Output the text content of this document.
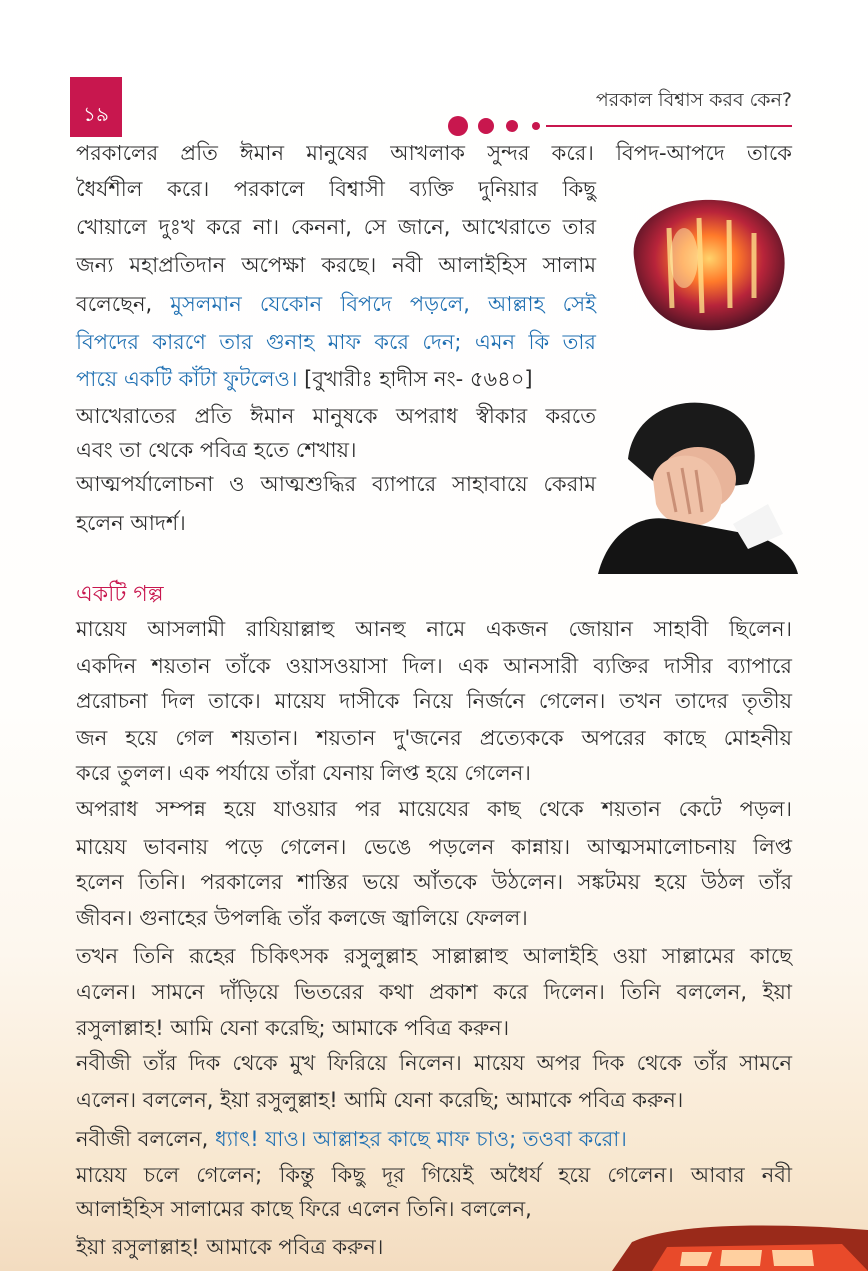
১৯
পরকাল বিশ্বাস করব কেন?
পরকালের প্রতি ঈমান মানুষের আখলাক সুন্দর করে। বিপদ-আপদে তাকে
ধৈর্যশীল করে। পরকালে বিশ্বাসী ব্যক্তি দুনিয়ার কিছু
খোয়ালে দুঃখ করে না। কেননা, সে জানে, আখেরাতে তার
জন্য মহাপ্রতিদান অপেক্ষা করছে। নবী আলাইহিস সালাম
বলেছেন, মুসলমান যেকোন বিপদে পড়লে, আল্লাহ সেই
বিপদের কারণে তার গুনাহ মাফ করে দেন; এমন কি তার
পায়ে একটি কাঁটা ফুটলেও। [বুখারীঃ হাদীস নং- ৫৬৪০]
আখেরাতের প্রতি ঈমান মানুষকে অপরাধ স্বীকার করতে
এবং তা থেকে পবিত্র হতে শেখায়।
আত্মপর্যালোচনা ও আত্মশুদ্ধির ব্যাপারে সাহাবায়ে কেরাম
হলেন আদর্শ।
একটি গল্প
মায়েয আসলামী রাযিয়াল্লাহু আনহু নামে একজন জোয়ান সাহাবী ছিলেন।
একদিন শয়তান তাঁকে ওয়াসওয়াসা দিল। এক আনসারী ব্যক্তির দাসীর ব্যাপারে
প্ররোচনা দিল তাকে। মায়েয দাসীকে নিয়ে নির্জনে গেলেন। তখন তাদের তৃতীয়
জন হয়ে গেল শয়তান। শয়তান দু'জনের প্রত্যেককে অপরের কাছে মোহনীয়
করে তুলল। এক পর্যায়ে তাঁরা যেনায় লিপ্ত হয়ে গেলেন।
অপরাধ সম্পন্ন হয়ে যাওয়ার পর মায়েযের কাছ থেকে শয়তান কেটে পড়ল।
মায়েয ভাবনায় পড়ে গেলেন। ভেঙে পড়লেন কান্নায়। আত্মসমালোচনায় লিপ্ত
হলেন তিনি। পরকালের শাস্তির ভয়ে আঁতকে উঠলেন। সঙ্কটময় হয়ে উঠল তাঁর
জীবন। গুনাহের উপলব্ধি তাঁর কলজে জ্বালিয়ে ফেলল।
তখন তিনি রূহের চিকিৎসক রসুলুল্লাহ সাল্লাল্লাহু আলাইহি ওয়া সাল্লামের কাছে
এলেন। সামনে দাঁড়িয়ে ভিতরের কথা প্রকাশ করে দিলেন। তিনি বললেন, ইয়া
রসুলাল্লাহ! আমি যেনা করেছি; আমাকে পবিত্র করুন।
নবীজী তাঁর দিক থেকে মুখ ফিরিয়ে নিলেন। মায়েয অপর দিক থেকে তাঁর সামনে
এলেন। বললেন, ইয়া রসুলুল্লাহ! আমি যেনা করেছি; আমাকে পবিত্র করুন।
নবীজী বললেন, ধ্যাৎ! যাও। আল্লাহর কাছে মাফ চাও; তওবা করো।
মায়েয চলে গেলেন; কিন্তু কিছু দূর গিয়েই অধৈর্য হয়ে গেলেন। আবার নবী
আলাইহিস সালামের কাছে ফিরে এলেন তিনি। বললেন,
ইয়া রসুলাল্লাহ! আমাকে পবিত্র করুন।
